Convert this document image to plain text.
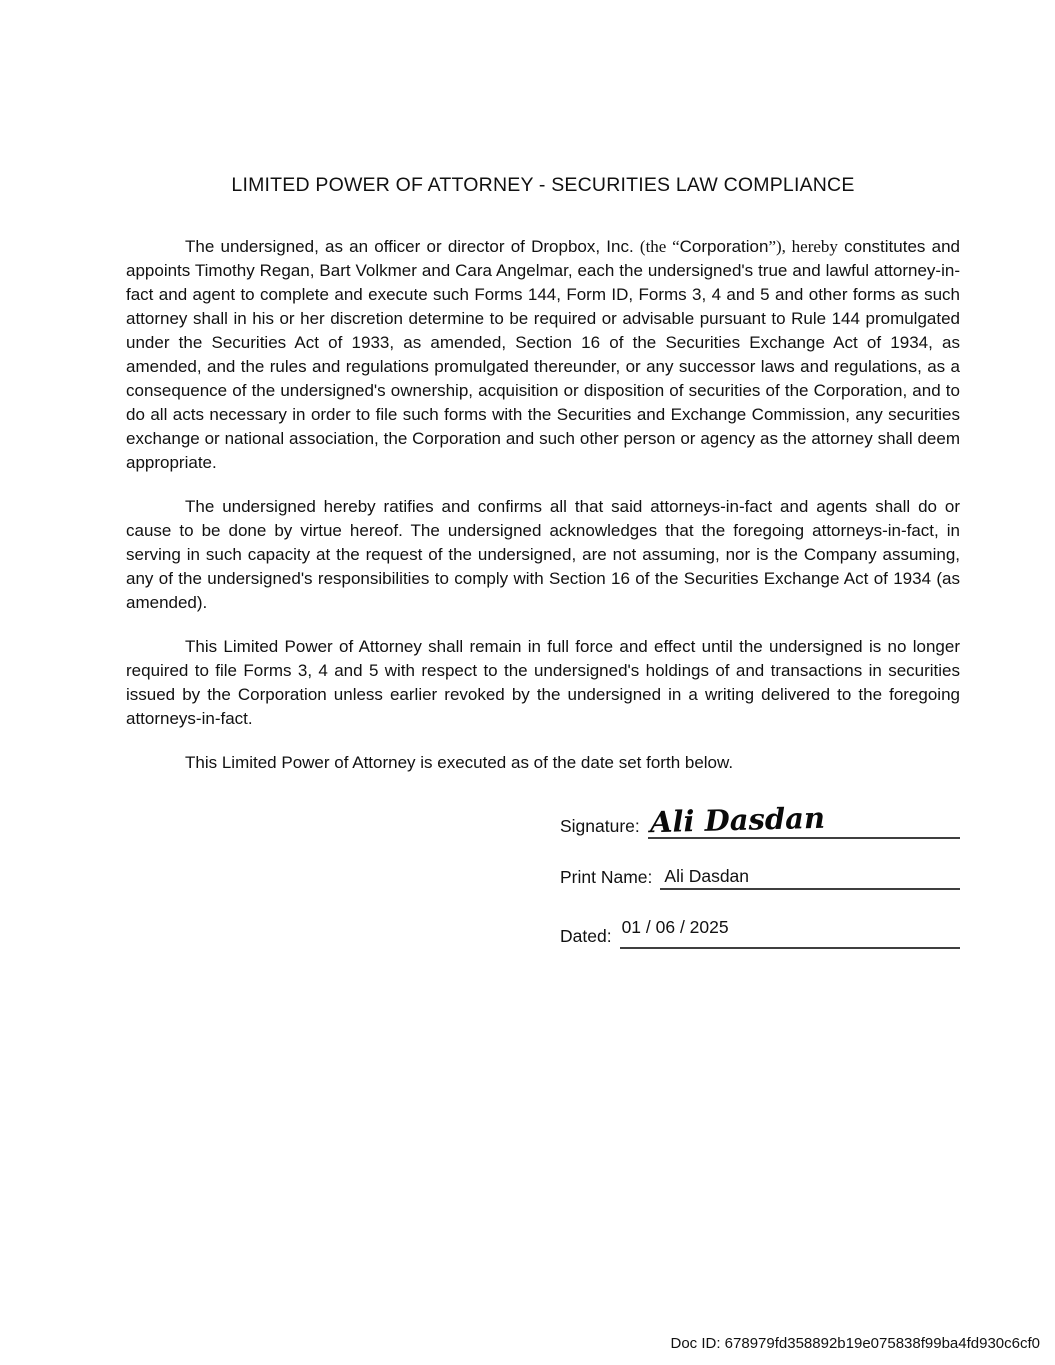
LIMITED POWER OF ATTORNEY - SECURITIES LAW COMPLIANCE

The undersigned, as an officer or director of Dropbox, Inc. (the “Corporation”), hereby constitutes and appoints Timothy Regan, Bart Volkmer and Cara Angelmar, each the undersigned's true and lawful attorney-in-fact and agent to complete and execute such Forms 144, Form ID, Forms 3, 4 and 5 and other forms as such attorney shall in his or her discretion determine to be required or advisable pursuant to Rule 144 promulgated under the Securities Act of 1933, as amended, Section 16 of the Securities Exchange Act of 1934, as amended, and the rules and regulations promulgated thereunder, or any successor laws and regulations, as a consequence of the undersigned's ownership, acquisition or disposition of securities of the Corporation, and to do all acts necessary in order to file such forms with the Securities and Exchange Commission, any securities exchange or national association, the Corporation and such other person or agency as the attorney shall deem appropriate.

The undersigned hereby ratifies and confirms all that said attorneys-in-fact and agents shall do or cause to be done by virtue hereof. The undersigned acknowledges that the foregoing attorneys-in-fact, in serving in such capacity at the request of the undersigned, are not assuming, nor is the Company assuming, any of the undersigned's responsibilities to comply with Section 16 of the Securities Exchange Act of 1934 (as amended).

This Limited Power of Attorney shall remain in full force and effect until the undersigned is no longer required to file Forms 3, 4 and 5 with respect to the undersigned's holdings of and transactions in securities issued by the Corporation unless earlier revoked by the undersigned in a writing delivered to the foregoing attorneys-in-fact.

This Limited Power of Attorney is executed as of the date set forth below.

Signature: Ali Dasdan
Print Name: Ali Dasdan
Dated: 01 / 06 / 2025
Doc ID: 678979fd358892b19e075838f99ba4fd930c6cf0
